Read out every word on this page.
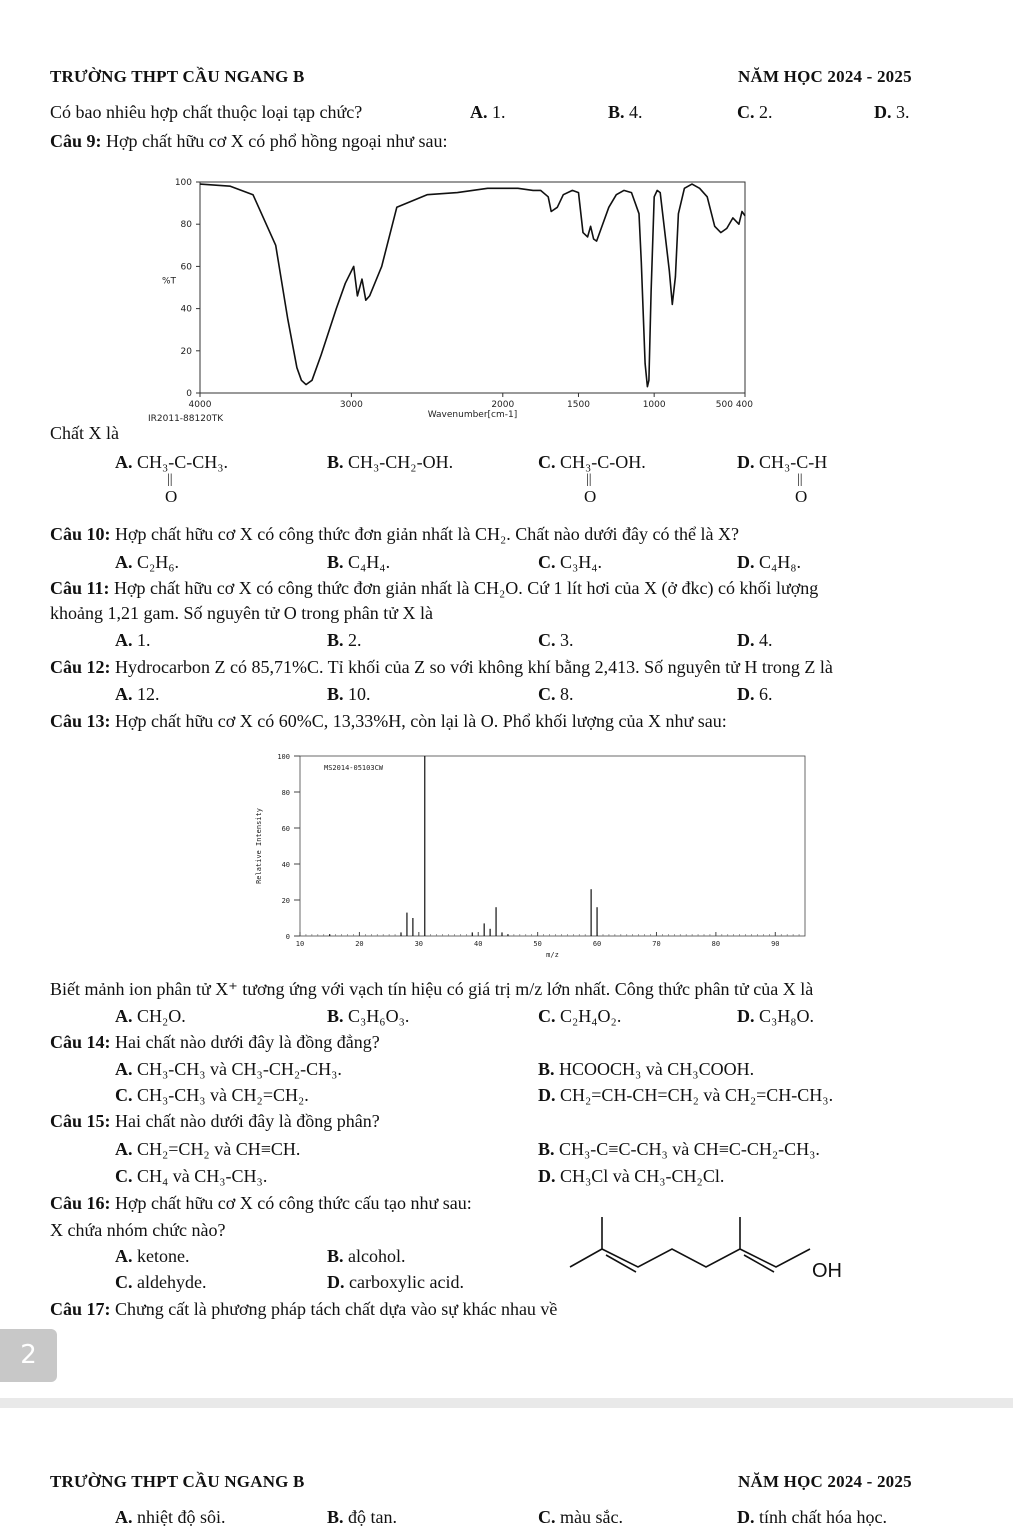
TRƯỜNG THPT CẦU NGANG B	NĂM HỌC 2024 - 2025
Có bao nhiêu hợp chất thuộc loại tạp chức?	A. 1.	B. 4.	C. 2.	D. 3.
Câu 9: Hợp chất hữu cơ X có phổ hồng ngoại như sau:
0
20
40
60
80
100
4000	3000	2000	1500	1000	500 400
%T
Wavenumber[cm-1]
IR2011-88120TK
Chất X là
A. CH₃-C-CH₃.
||
O
B. CH₃-CH₂-OH.	C. CH₃-C-OH.
||
O
D. CH₃-C-H
||
O
Câu 10: Hợp chất hữu cơ X có công thức đơn giản nhất là CH₂. Chất nào dưới đây có thể là X?
A. C₂H₆.	B. C₄H₄.	C. C₃H₄.	D. C₄H₈.
Câu 11: Hợp chất hữu cơ X có công thức đơn giản nhất là CH₂O. Cứ 1 lít hơi của X (ở đkc) có khối lượng
khoảng 1,21 gam. Số nguyên tử O trong phân tử X là
A. 1.	B. 2.	C. 3.	D. 4.
Câu 12: Hydrocarbon Z có 85,71%C. Tỉ khối của Z so với không khí bằng 2,413. Số nguyên tử H trong Z là
A. 12.	B. 10.	C. 8.	D. 6.
Câu 13: Hợp chất hữu cơ X có 60%C, 13,33%H, còn lại là O. Phổ khối lượng của X như sau:
0
20
40
60
80
100
10	20	30	40	50	60	70	80	90
MS2014-05103CW
m/z
Relative Intensity
Biết mảnh ion phân tử X⁺ tương ứng với vạch tín hiệu có giá trị m/z lớn nhất. Công thức phân tử của X là
A. CH₂O.	B. C₃H₆O₃.	C. C₂H₄O₂.	D. C₃H₈O.
Câu 14: Hai chất nào dưới đây là đồng đẳng?
A. CH₃-CH₃ và CH₃-CH₂-CH₃.	B. HCOOCH₃ và CH₃COOH.
C. CH₃-CH₃ và CH₂=CH₂.	D. CH₂=CH-CH=CH₂ và CH₂=CH-CH₃.
Câu 15: Hai chất nào dưới đây là đồng phân?
A. CH₂=CH₂ và CH≡CH.	B. CH₃-C≡C-CH₃ và CH≡C-CH₂-CH₃.
C. CH₄ và CH₃-CH₃.	D. CH₃Cl và CH₃-CH₂Cl.
Câu 16: Hợp chất hữu cơ X có công thức cấu tạo như sau:
X chứa nhóm chức nào?
A. ketone.	B. alcohol.
C. aldehyde.	D. carboxylic acid.	OH
Câu 17: Chưng cất là phương pháp tách chất dựa vào sự khác nhau về
2
TRƯỜNG THPT CẦU NGANG B	NĂM HỌC 2024 - 2025
A. nhiệt độ sôi.	B. độ tan.	C. màu sắc.	D. tính chất hóa học.
